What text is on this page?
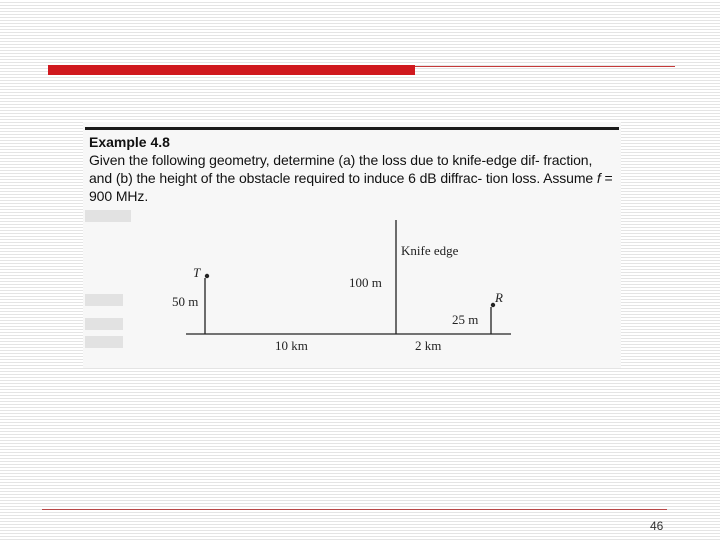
Example 4.8

Given the following geometry, determine (a) the loss due to knife-edge dif- fraction, and (b) the height of the obstacle required to induce 6 dB diffrac- tion loss. Assume f = 900 MHz.

T
50 m
Knife edge
100 m
R
25 m
10 km	2 km
46
